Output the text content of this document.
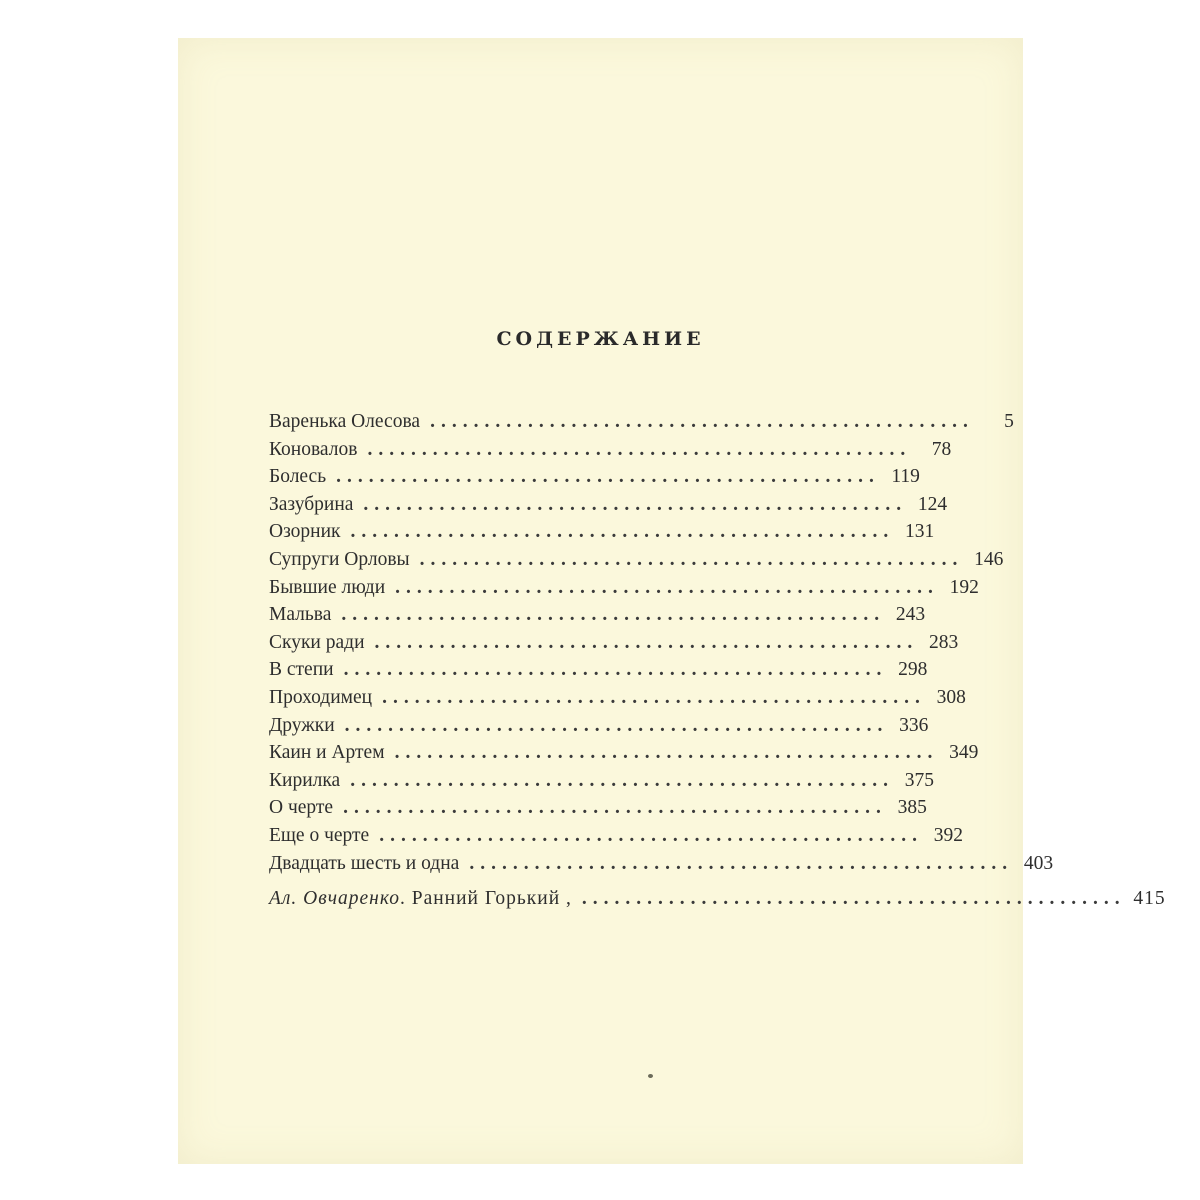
СОДЕРЖАНИЕ
Варенька Олесова ..................................................	5
Коновалов ..................................................	78
Болесь .................................................. 119
Зазубрина .................................................. 124
Озорник .................................................. 131
Супруги Орловы .................................................. 146
Бывшие люди .................................................. 192
Мальва .................................................. 243
Скуки ради .................................................. 283
В степи .................................................. 298
Проходимец .................................................. 308
Дружки .................................................. 336
Каин и Артем .................................................. 349
Кирилка .................................................. 375
О черте .................................................. 385
Еще о черте .................................................. 392
Двадцать шесть и одна .................................................. 403
Ал. Овчаренко. Ранний Горький , .................................................. 415
